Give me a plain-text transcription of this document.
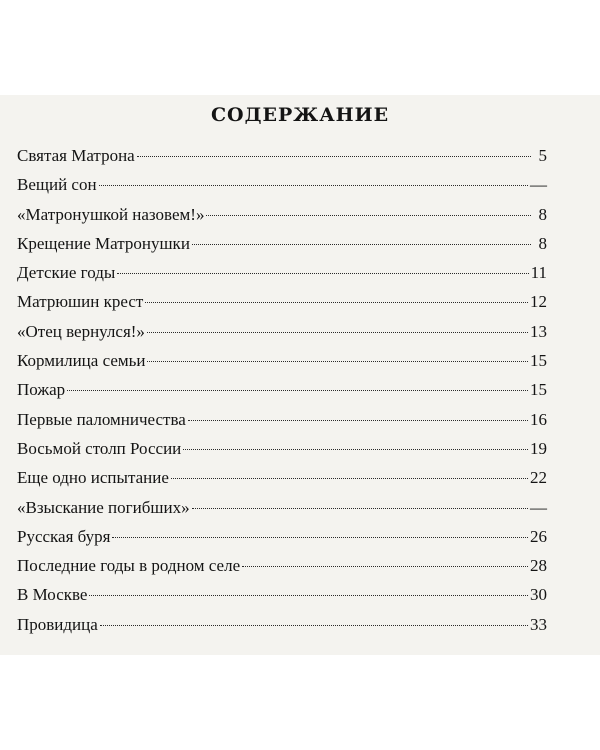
СОДЕРЖАНИЕ
Святая Матрона	5
Вещий сон	—
«Матронушкой назовем!»	8
Крещение Матронушки	8
Детские годы	11
Матрюшин крест	12
«Отец вернулся!»	13
Кормилица семьи	15
Пожар	15
Первые паломничества	16
Восьмой столп России	19
Еще одно испытание	22
«Взыскание погибших»	—
Русская буря	26
Последние годы в родном селе	28
В Москве	30
Провидица	33
